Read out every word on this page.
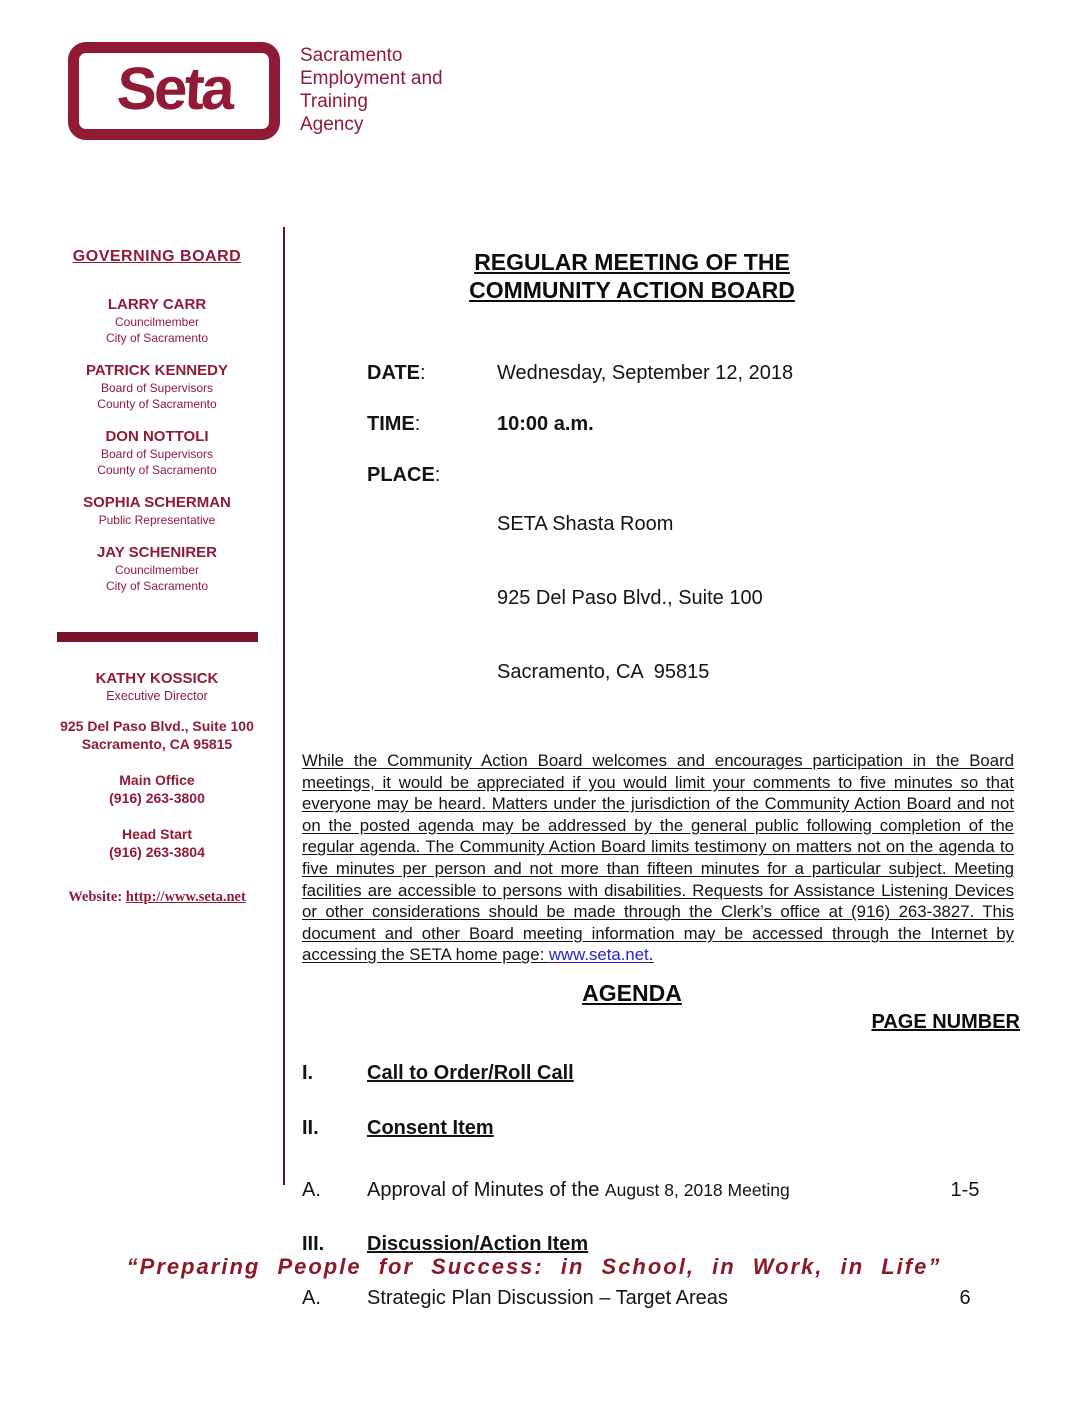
Seta	Sacramento
Employment and
Training
Agency
GOVERNING BOARD
LARRY CARR
Councilmember
City of Sacramento
PATRICK KENNEDY
Board of Supervisors
County of Sacramento
DON NOTTOLI
Board of Supervisors
County of Sacramento
SOPHIA SCHERMAN
Public Representative
JAY SCHENIRER
Councilmember
City of Sacramento
KATHY KOSSICK
Executive Director
925 Del Paso Blvd., Suite 100
Sacramento, CA 95815
Main Office
(916) 263-3800
Head Start
(916) 263-3804
Website: http://www.seta.net
REGULAR MEETING OF THE
COMMUNITY ACTION BOARD
DATE:	Wednesday, September 12, 2018
TIME:	10:00 a.m.
PLACE:

SETA Shasta Room

925 Del Paso Blvd., Suite 100

Sacramento, CA  95815

While the Community Action Board welcomes and encourages participation in the Board meetings, it would be appreciated if you would limit your comments to five minutes so that everyone may be heard. Matters under the jurisdiction of the Community Action Board and not on the posted agenda may be addressed by the general public following completion of the regular agenda. The Community Action Board limits testimony on matters not on the agenda to five minutes per person and not more than fifteen minutes for a particular subject. Meeting facilities are accessible to persons with disabilities. Requests for Assistance Listening Devices or other considerations should be made through the Clerk’s office at (916) 263-3827. This document and other Board meeting information may be accessed through the Internet by accessing the SETA home page: www.seta.net.
AGENDA
PAGE NUMBER
I.	Call to Order/Roll Call
II.	Consent Item
A.	Approval of Minutes of the August 8, 2018 Meeting	1-5
III.	Discussion/Action Item
A.	Strategic Plan Discussion – Target Areas	6
“Preparing People for Success: in School, in Work, in Life”
